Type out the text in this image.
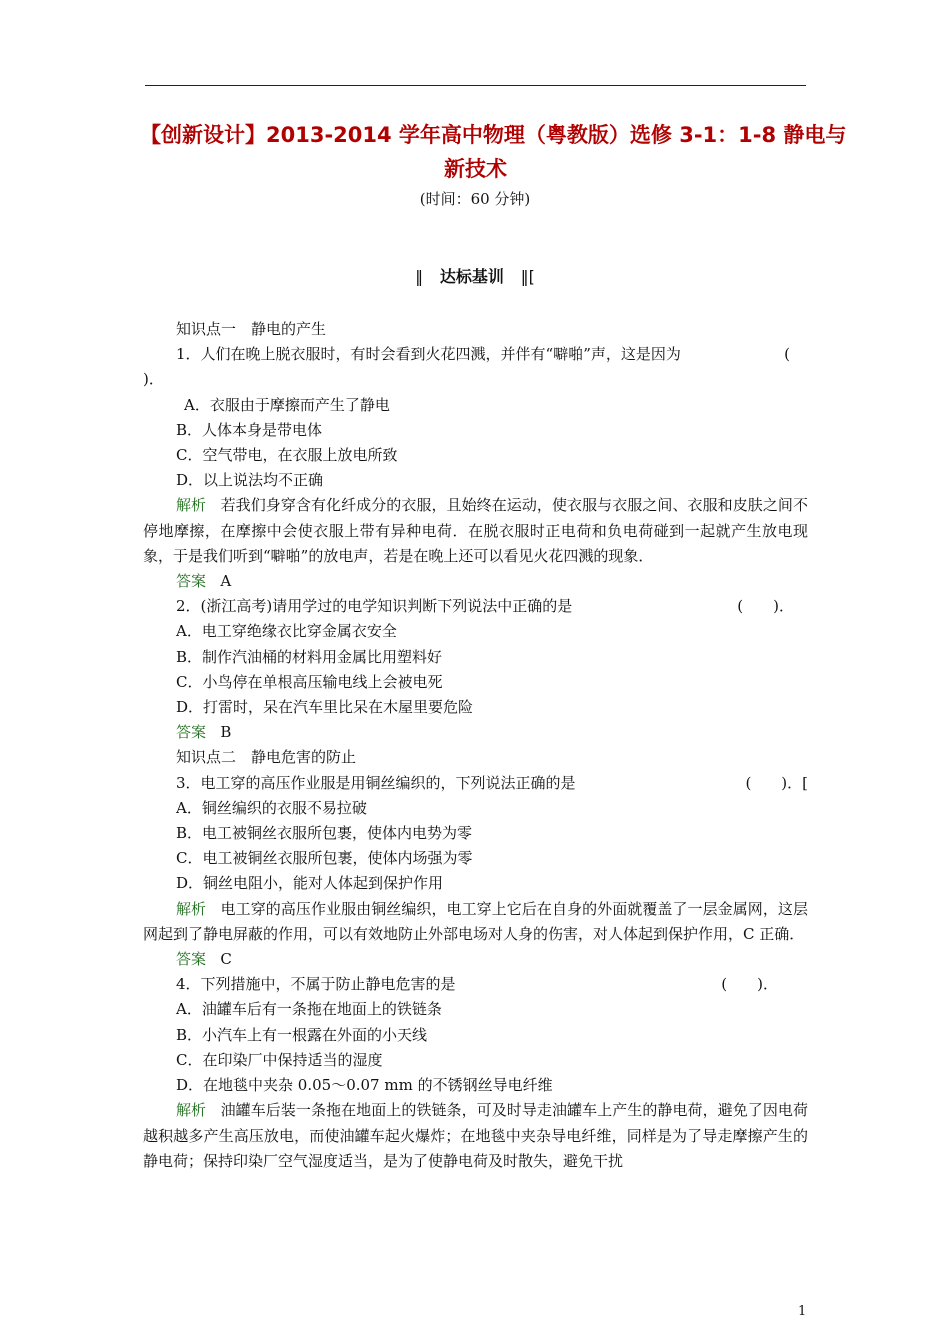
【创新设计】2013-2014 学年高中物理（粤教版）选修 3-1：1-8 静电与
新技术
(时间：60 分钟)
‖ 达标基训 ‖[
知识点一　静电的产生
1．人们在晚上脱衣服时，有时会看到火花四溅，并伴有“噼啪”声，这是因为	(
)．
A．衣服由于摩擦而产生了静电
B．人体本身是带电体
C．空气带电，在衣服上放电所致
D．以上说法均不正确
解析 若我们身穿含有化纤成分的衣服，且始终在运动，使衣服与衣服之间、衣服和皮肤之间不停地摩擦，在摩擦中会使衣服上带有异种电荷．在脱衣服时正电荷和负电荷碰到一起就产生放电现象，于是我们听到“噼啪”的放电声，若是在晚上还可以看见火花四溅的现象．
答案 A
2．(浙江高考)请用学过的电学知识判断下列说法中正确的是	(　　)．
A．电工穿绝缘衣比穿金属衣安全
B．制作汽油桶的材料用金属比用塑料好
C．小鸟停在单根高压输电线上会被电死
D．打雷时，呆在汽车里比呆在木屋里要危险
答案 B
知识点二　静电危害的防止
3．电工穿的高压作业服是用铜丝编织的，下列说法正确的是	(　　)．[
A．铜丝编织的衣服不易拉破
B．电工被铜丝衣服所包裹，使体内电势为零
C．电工被铜丝衣服所包裹，使体内场强为零
D．铜丝电阻小，能对人体起到保护作用
解析 电工穿的高压作业服由铜丝编织，电工穿上它后在自身的外面就覆盖了一层金属网，这层网起到了静电屏蔽的作用，可以有效地防止外部电场对人身的伤害，对人体起到保护作用，C 正确．
答案 C
4．下列措施中，不属于防止静电危害的是	(　　)．
A．油罐车后有一条拖在地面上的铁链条
B．小汽车上有一根露在外面的小天线
C．在印染厂中保持适当的湿度
D．在地毯中夹杂 0.05～0.07 mm 的不锈钢丝导电纤维
解析 油罐车后装一条拖在地面上的铁链条，可及时导走油罐车上产生的静电荷，避免了因电荷越积越多产生高压放电，而使油罐车起火爆炸；在地毯中夹杂导电纤维，同样是为了导走摩擦产生的静电荷；保持印染厂空气湿度适当，是为了使静电荷及时散失，避免干扰
1
